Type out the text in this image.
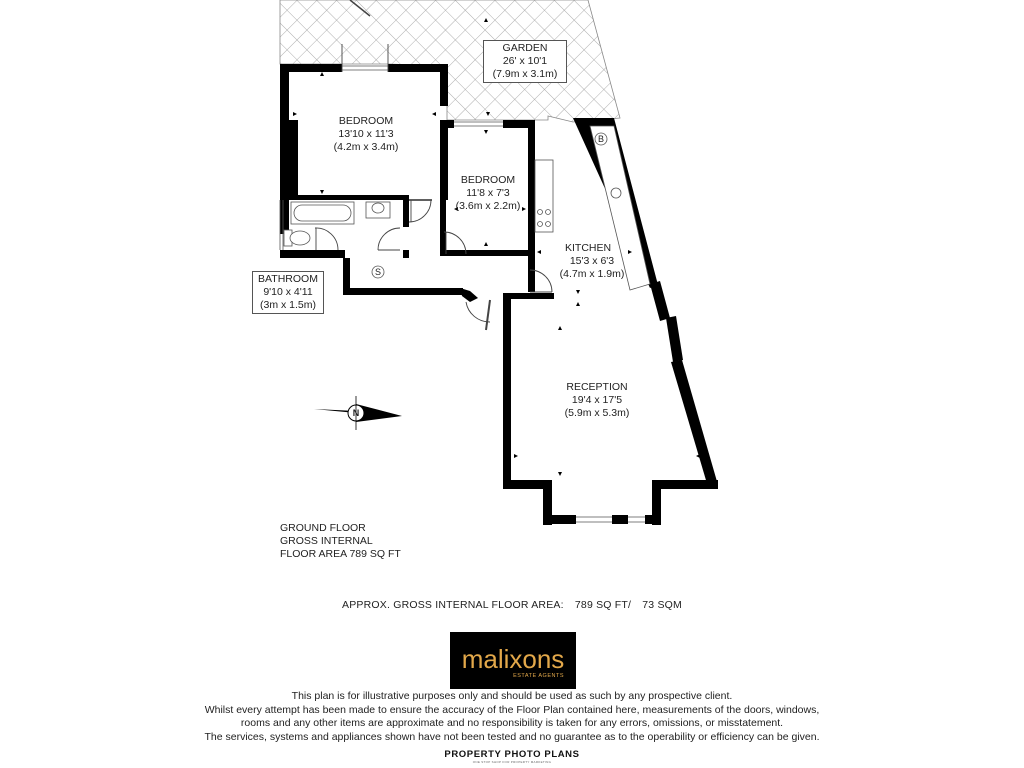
GARDEN
26' x 10'1
(7.9m x 3.1m)
BEDROOM
13'10 x 11'3
(4.2m x 3.4m)
BEDROOM
11'8 x 7'3
(3.6m x 2.2m)
KITCHEN
15'3 x 6'3
(4.7m x 1.9m)
BATHROOM
9'10 x 4'11
(3m x 1.5m)
RECEPTION
19'4 x 17'5
(5.9m x 5.3m)
B
S
N
GROUND FLOOR
GROSS INTERNAL
FLOOR AREA 789 SQ FT
APPROX. GROSS INTERNAL FLOOR AREA: 789 SQ FT/ 73 SQM
malixons
ESTATE AGENTS
This plan is for illustrative purposes only and should be used as such by any prospective client.
Whilst every attempt has been made to ensure the accuracy of the Floor Plan contained here, measurements of the doors, windows,
rooms and any other items are approximate and no responsibility is taken for any errors, omissions, or misstatement.
The services, systems and appliances shown have not been tested and no guarantee as to the operability or efficiency can be given.
PROPERTY PHOTO PLANS
ONE STOP SHOP FOR PROPERTY MARKETING
